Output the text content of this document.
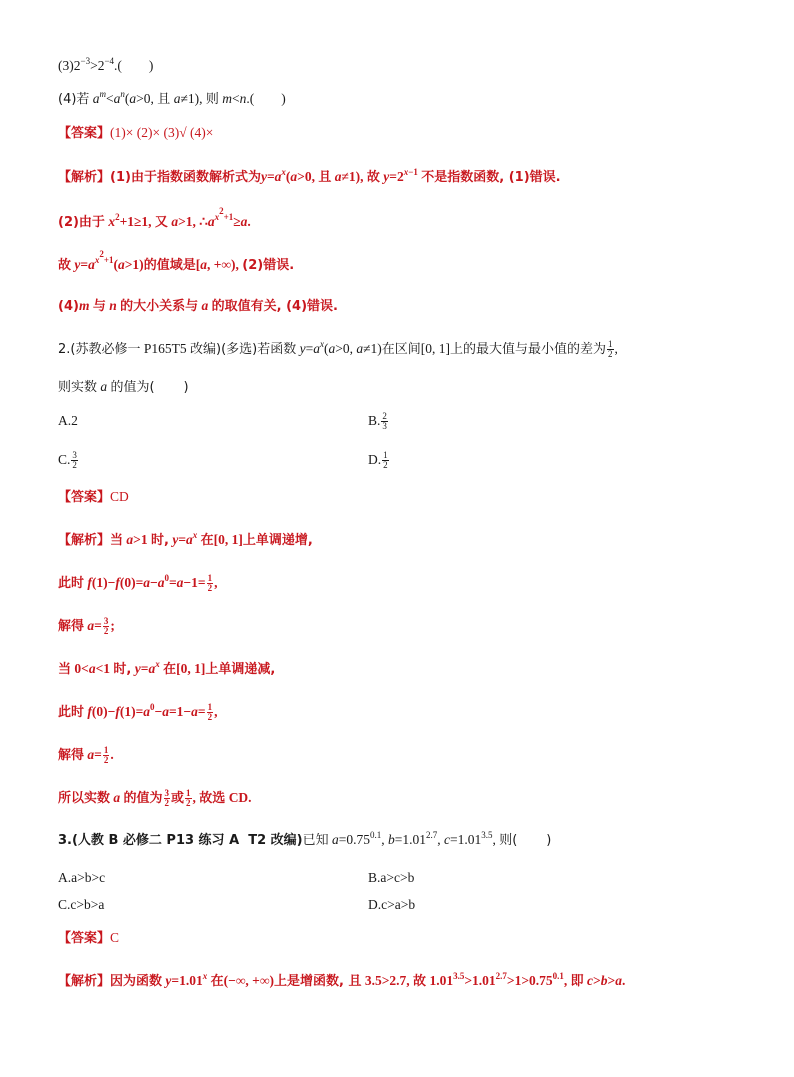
$(3)2^{-3}>2^{-4}$.(        )
(4)若 $a^m<a^n(a>0$, 且 a≠1), 则 m<n.(        )
【答案】(1)× (2)× (3)√ (4)×
【解析】(1)由于指数函数解析式为$y=a^x(a>0$, 且 a≠1), 故 $y=2^{x-1}$ 不是指数函数, (1)错误.
(2)由于 $x^2+1\ge 1$, 又 a>1, $\therefore a^{x^2+1}\ge a$.
故 $y=a^{x^2+1}(a>1)$的值域是[a, +∞), (2)错误.
(4)m 与 n 的大小关系与 a 的取值有关, (4)错误.
2.(苏教必修一 P165T5 改编)(多选)若函数 $y=a^x(a>0$, a≠1)在区间[0, 1]上的最大值与最小值的差为 $\frac{1}{2}$ ,
则实数 a 的值为(       )
A.2	B. $\frac{2}{3}$
C. $\frac{3}{2}$	D. $\frac{1}{2}$
【答案】CD
【解析】当 a>1 时, $y=a^x$ 在[0, 1]上单调递增,
此时 $f(1)-f(0)=a-a^0=a-1= \frac{1}{2}$ ,
解得 $a= \frac{3}{2}$ ;
当 0<a<1 时, $y=a^x$ 在[0, 1]上单调递减,
此时 $f(0)-f(1)=a^0-a=1-a= \frac{1}{2}$ ,
解得 $a= \frac{1}{2}$ .
所以实数 a 的值为 $\frac{3}{2}$ 或 $\frac{1}{2}$ , 故选 CD.
3.(人教 B 必修二 P13 练习 A  T2 改编)已知 $a=0.75^{0.1}$, $b=1.01^{2.7}$, $c=1.01^{3.5}$, 则(       )
A.a>b>c	B.a>c>b
C.c>b>a	D.c>a>b
【答案】C
【解析】因为函数 $y=1.01^x$ 在(−∞, +∞)上是增函数, 且 3.5>2.7, 故 $1.01^{3.5}>1.01^{2.7}>1>0.75^{0.1}$, 即 c>b>a.
